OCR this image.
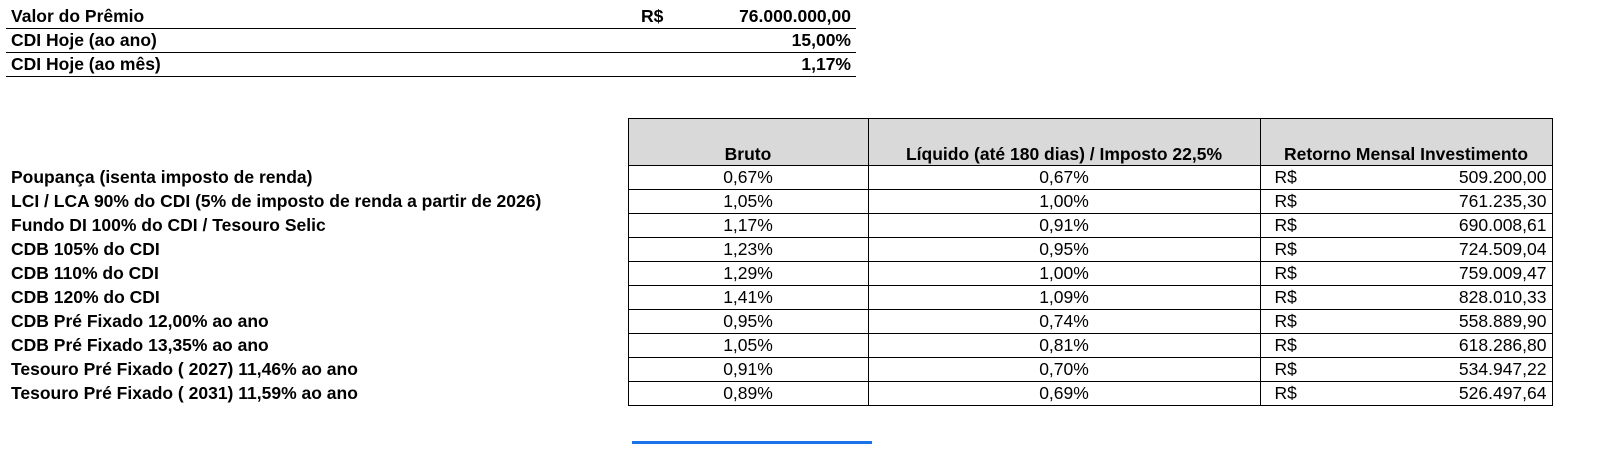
Valor do Prêmio	R$	76.000.000,00
CDI Hoje (ao ano)		15,00%
CDI Hoje (ao mês)		1,17%
	Bruto	Líquido (até 180 dias) / Imposto 22,5%	Retorno Mensal Investimento	
Poupança (isenta imposto de renda)	0,67%	0,67%	R$	509.200,00
LCI / LCA 90% do CDI (5% de imposto de renda a partir de 2026)	1,05%	1,00%	R$	761.235,30
Fundo DI 100% do CDI / Tesouro Selic	1,17%	0,91%	R$	690.008,61
CDB 105% do CDI	1,23%	0,95%	R$	724.509,04
CDB 110% do CDI	1,29%	1,00%	R$	759.009,47
CDB 120% do CDI	1,41%	1,09%	R$	828.010,33
CDB Pré Fixado 12,00% ao ano	0,95%	0,74%	R$	558.889,90
CDB Pré Fixado 13,35% ao ano	1,05%	0,81%	R$	618.286,80
Tesouro Pré Fixado ( 2027) 11,46% ao ano	0,91%	0,70%	R$	534.947,22
Tesouro Pré Fixado ( 2031) 11,59% ao ano	0,89%	0,69%	R$	526.497,64
